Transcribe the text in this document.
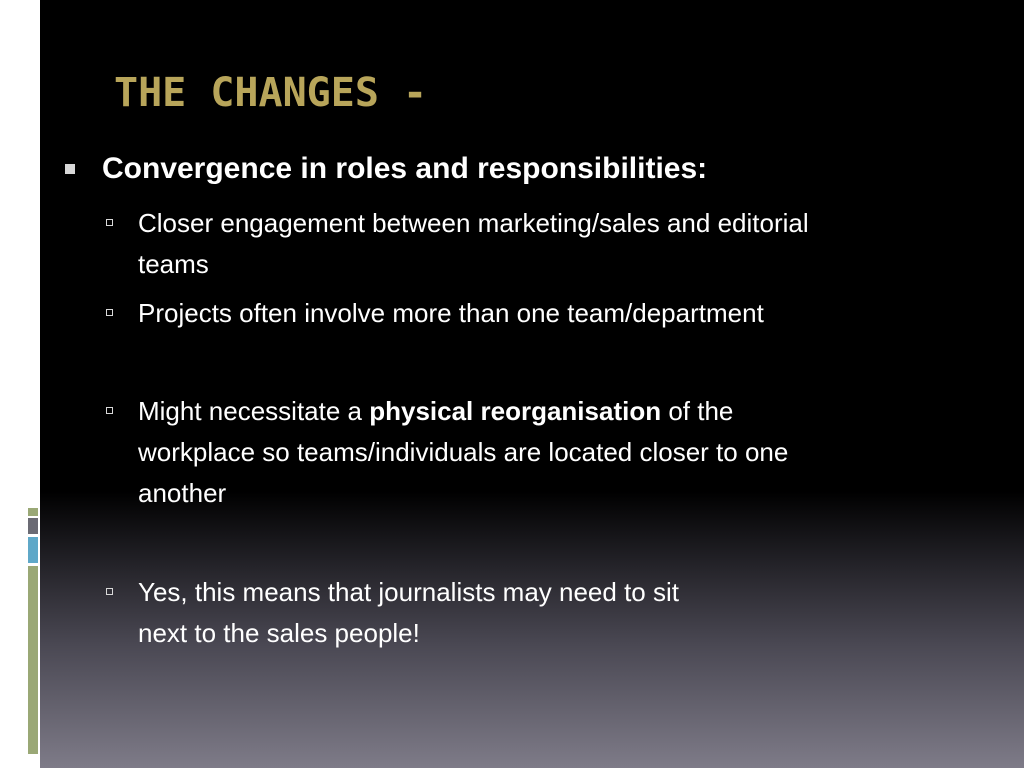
THE CHANGES -
Convergence in roles and responsibilities:
Closer engagement between marketing/sales and editorial
teams
Projects often involve more than one team/department
Might necessitate a physical reorganisation of the
workplace so teams/individuals are located closer to one
another
Yes, this means that journalists may need to sit
next to the sales people!
